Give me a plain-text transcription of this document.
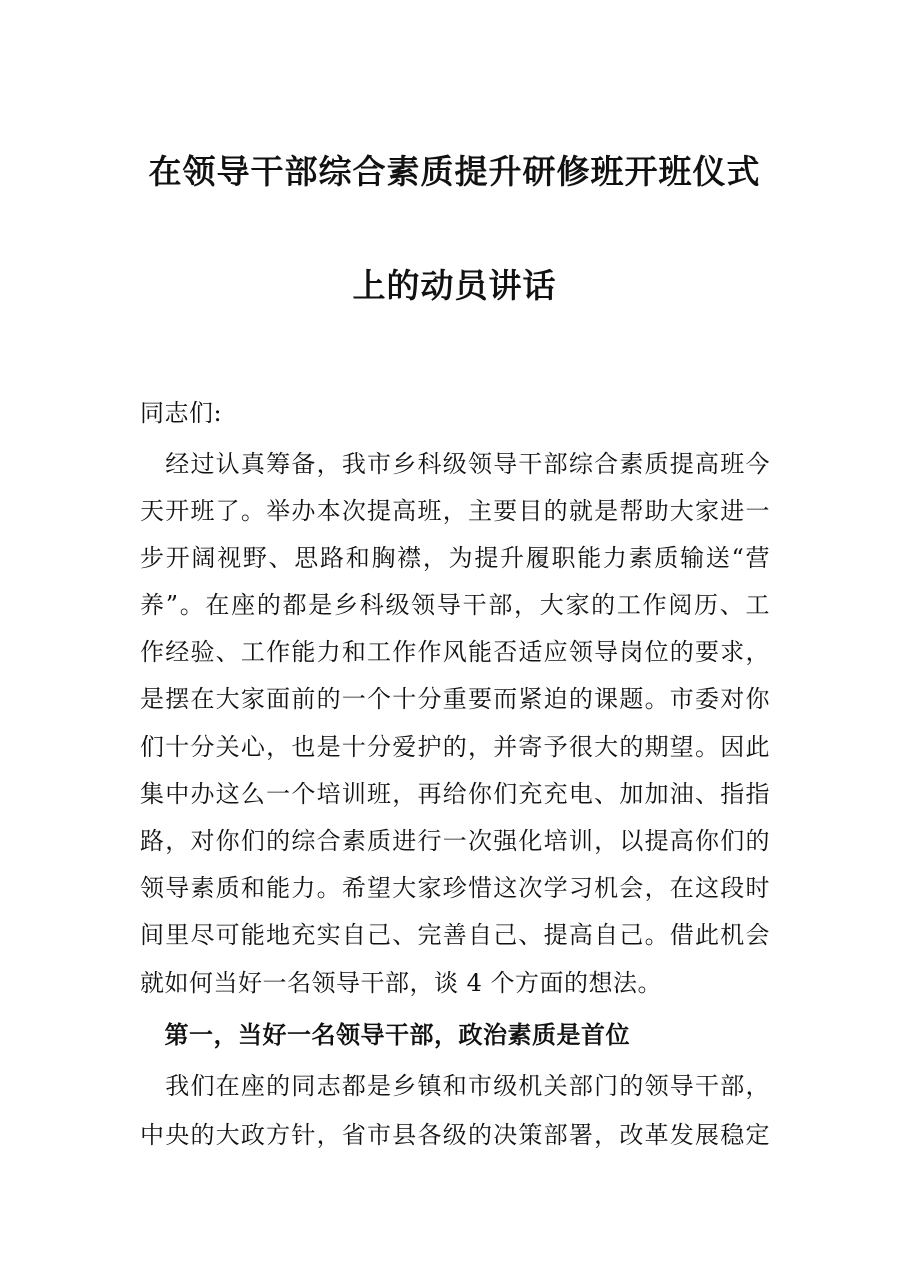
在领导干部综合素质提升研修班开班仪式
上的动员讲话
同志们:
　经过认真筹备，我市乡科级领导干部综合素质提高班今
天开班了。举办本次提高班，主要目的就是帮助大家进一
步开阔视野、思路和胸襟，为提升履职能力素质输送“营
养”。在座的都是乡科级领导干部，大家的工作阅历、工
作经验、工作能力和工作作风能否适应领导岗位的要求，
是摆在大家面前的一个十分重要而紧迫的课题。市委对你
们十分关心，也是十分爱护的，并寄予很大的期望。因此
集中办这么一个培训班，再给你们充充电、加加油、指指
路，对你们的综合素质进行一次强化培训，以提高你们的
领导素质和能力。希望大家珍惜这次学习机会，在这段时
间里尽可能地充实自己、完善自己、提高自己。借此机会
就如何当好一名领导干部，谈 4 个方面的想法。
　第一，当好一名领导干部，政治素质是首位
　我们在座的同志都是乡镇和市级机关部门的领导干部，
中央的大政方针，省市县各级的决策部署，改革发展稳定
